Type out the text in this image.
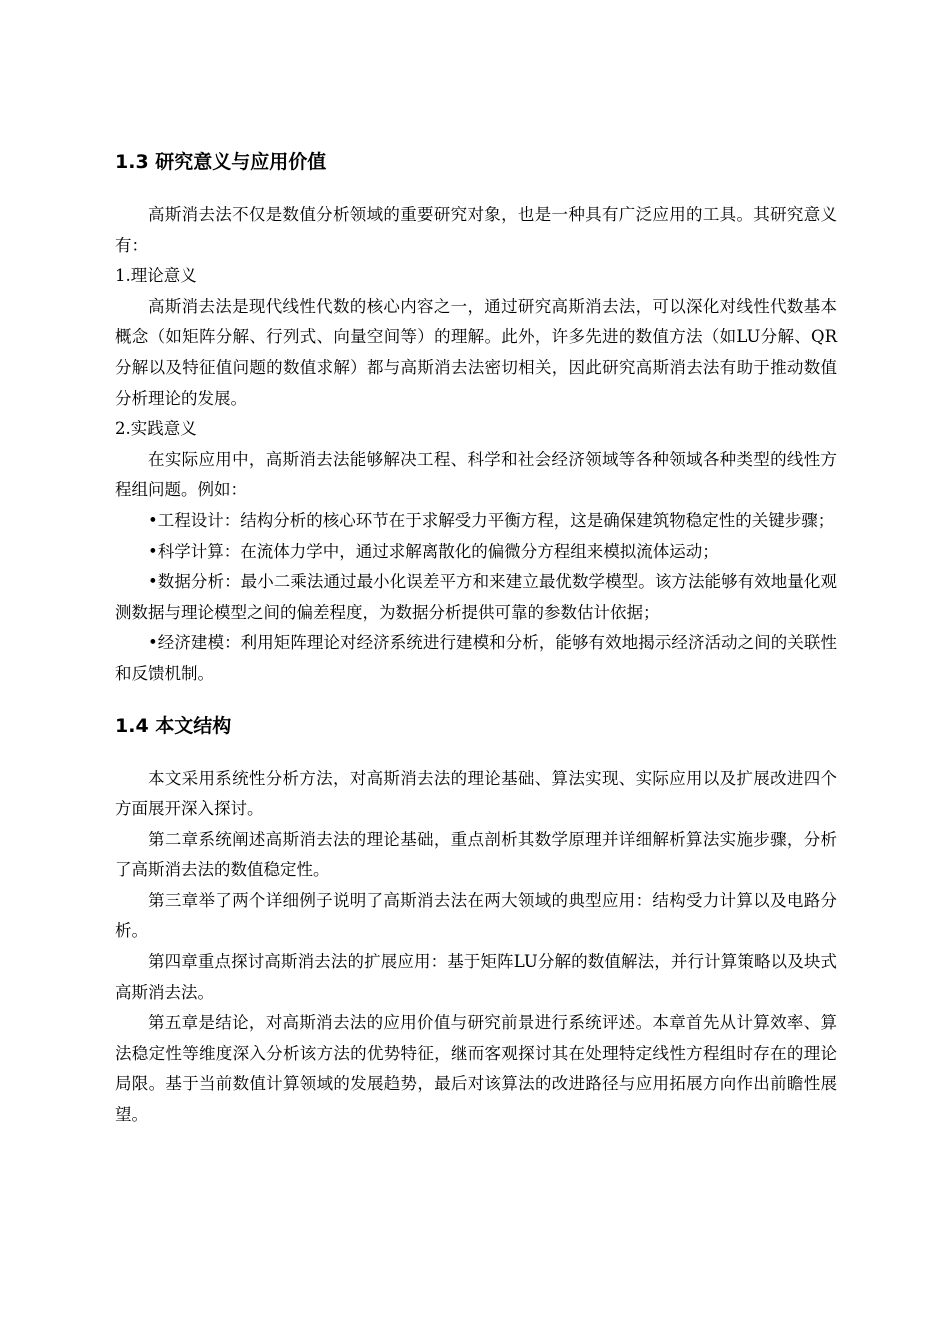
1.3 研究意义与应用价值

高斯消去法不仅是数值分析领域的重要研究对象，也是一种具有广泛应用的工具。其研究意义有：

1.理论意义

高斯消去法是现代线性代数的核心内容之一，通过研究高斯消去法，可以深化对线性代数基本概念（如矩阵分解、行列式、向量空间等）的理解。此外，许多先进的数值方法（如LU分解、QR分解以及特征值问题的数值求解）都与高斯消去法密切相关，因此研究高斯消去法有助于推动数值分析理论的发展。

2.实践意义

在实际应用中，高斯消去法能够解决工程、科学和社会经济领域等各种领域各种类型的线性方程组问题。例如：

•工程设计：结构分析的核心环节在于求解受力平衡方程，这是确保建筑物稳定性的关键步骤；

•科学计算：在流体力学中，通过求解离散化的偏微分方程组来模拟流体运动；

•数据分析：最小二乘法通过最小化误差平方和来建立最优数学模型。该方法能够有效地量化观测数据与理论模型之间的偏差程度，为数据分析提供可靠的参数估计依据；

•经济建模：利用矩阵理论对经济系统进行建模和分析，能够有效地揭示经济活动之间的关联性和反馈机制。

1.4 本文结构

本文采用系统性分析方法，对高斯消去法的理论基础、算法实现、实际应用以及扩展改进四个方面展开深入探讨。

第二章系统阐述高斯消去法的理论基础，重点剖析其数学原理并详细解析算法实施步骤，分析了高斯消去法的数值稳定性。

第三章举了两个详细例子说明了高斯消去法在两大领域的典型应用：结构受力计算以及电路分析。

第四章重点探讨高斯消去法的扩展应用：基于矩阵LU分解的数值解法，并行计算策略以及块式高斯消去法。

第五章是结论，对高斯消去法的应用价值与研究前景进行系统评述。本章首先从计算效率、算法稳定性等维度深入分析该方法的优势特征，继而客观探讨其在处理特定线性方程组时存在的理论局限。基于当前数值计算领域的发展趋势，最后对该算法的改进路径与应用拓展方向作出前瞻性展望。
